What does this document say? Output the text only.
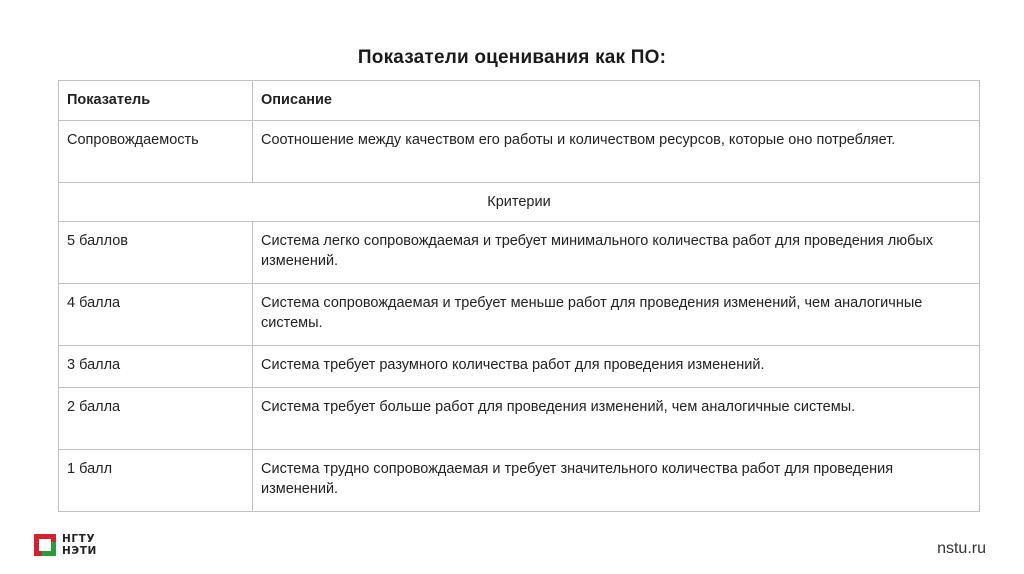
Показатели оценивания как ПО:
Показатель	Описание
Сопровождаемость	Соотношение между качеством его работы и количеством ресурсов, которые оно потребляет.
Критерии	
5 баллов	Система легко сопровождаемая и требует минимального количества работ для проведения любых изменений.
4 балла	Система сопровождаемая и требует меньше работ для проведения изменений, чем аналогичные системы.
3 балла	Система требует разумного количества работ для проведения изменений.
2 балла	Система требует больше работ для проведения изменений, чем аналогичные системы.
1 балл	Система трудно сопровождаемая и требует значительного количества работ для проведения изменений.
НГТУ
НЭТИ	nstu.ru
